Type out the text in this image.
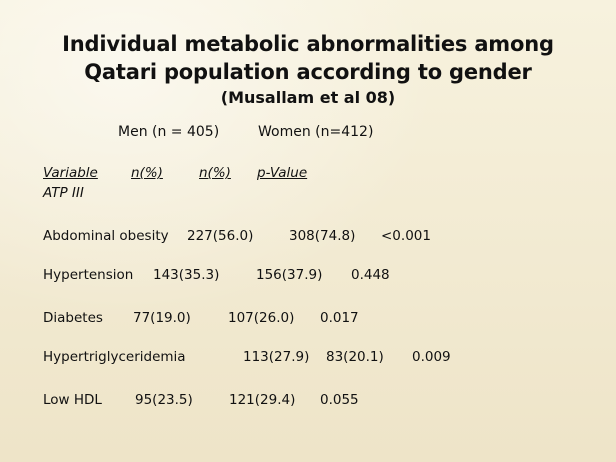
Individual metabolic abnormalities among
Qatari population according to gender
(Musallam et al 08)
Men (n = 405)	Women (n=412)
Variable n(%)	n(%) p-Value
ATP III
Abdominal obesity 227(56.0)	308(74.8) <0.001
Hypertension 143(35.3)	156(37.9) 0.448
Diabetes 77(19.0)	107(26.0) 0.017
Hypertriglyceridemia	113(27.9) 83(20.1) 0.009
Low HDL 95(23.5)	121(29.4) 0.055
